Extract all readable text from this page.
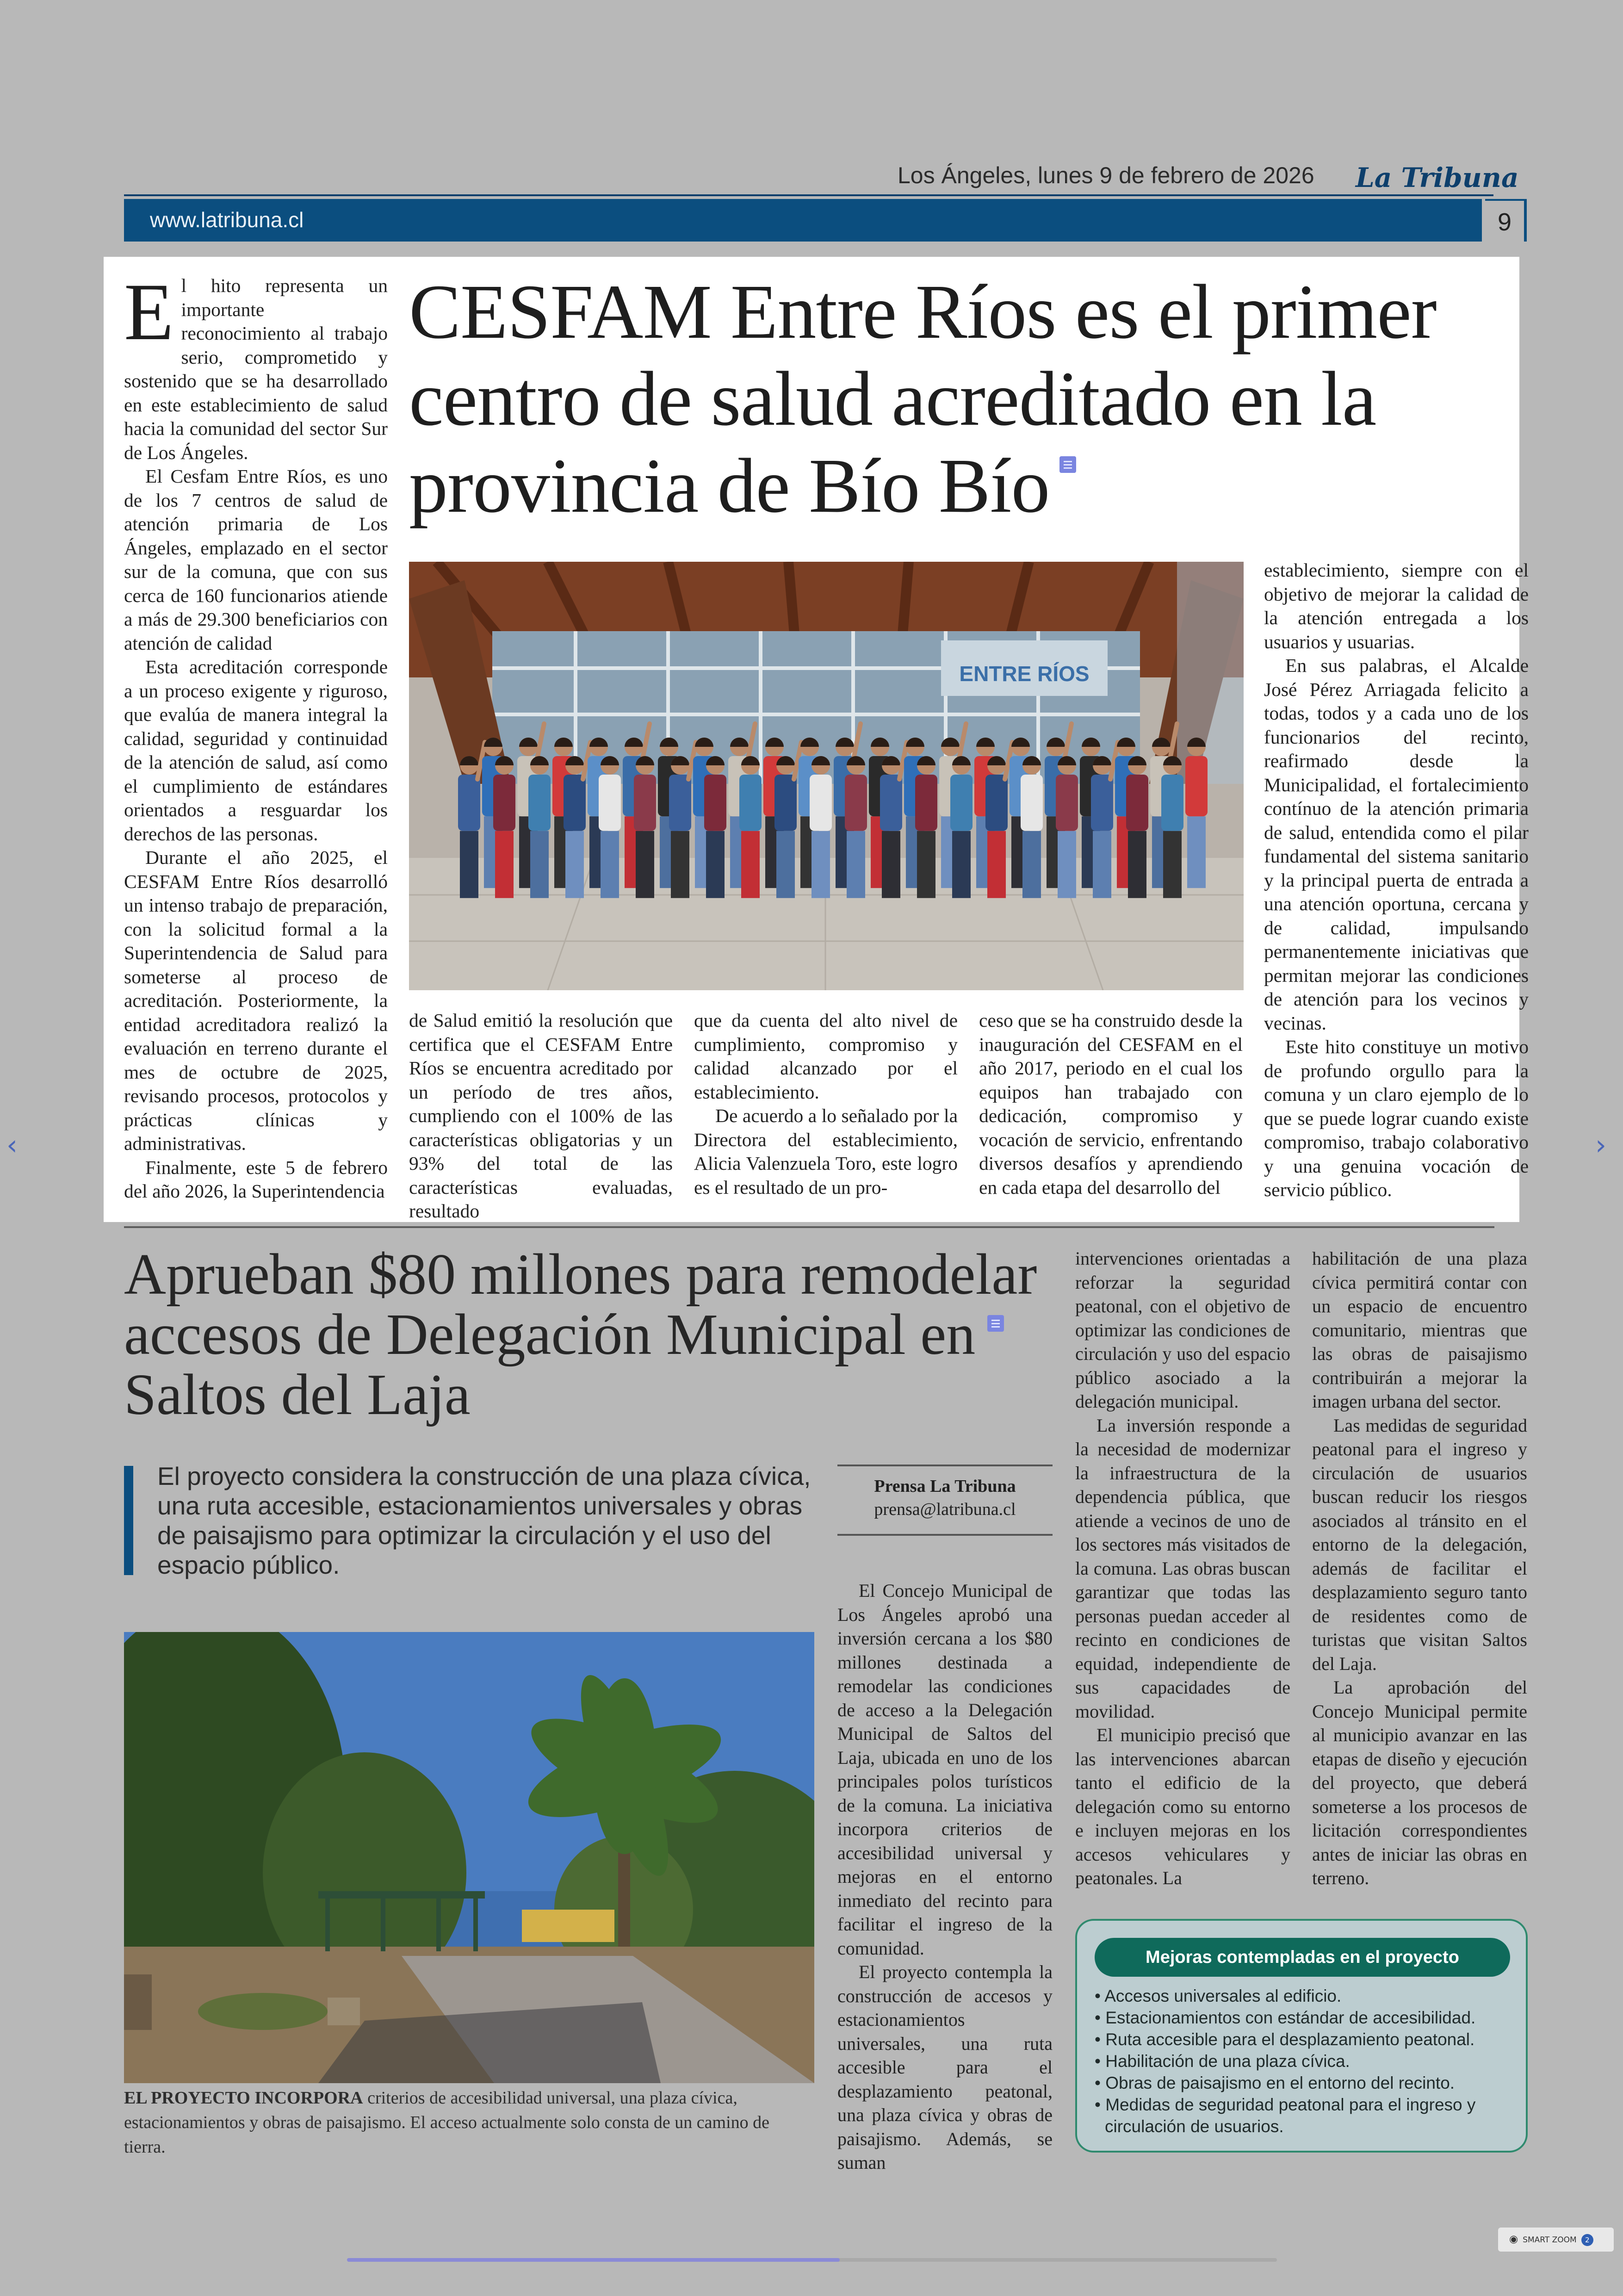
Los Ángeles, lunes 9 de febrero de 2026 La Tribuna
www.latribuna.cl	9
CESFAM Entre Ríos es el primer centro de salud acreditado en la provincia de Bío Bío

El hito representa un importante reconocimiento al trabajo serio, comprometido y sostenido que se ha desarrollado en este establecimiento de salud hacia la comunidad del sector Sur de Los Ángeles.

El Cesfam Entre Ríos, es uno de los 7 centros de salud de atención primaria de Los Ángeles, emplazado en el sector sur de la comuna, que con sus cerca de 160 funcionarios atiende a más de 29.300 beneficiarios con atención de calidad

Esta acreditación corresponde a un proceso exigente y riguroso, que evalúa de manera integral la calidad, seguridad y continuidad de la atención de salud, así como el cumplimiento de estándares orientados a resguardar los derechos de las personas.

Durante el año 2025, el CESFAM Entre Ríos desarrolló un intenso trabajo de preparación, con la solicitud formal a la Superintendencia de Salud para someterse al proceso de acreditación. Posteriormente, la entidad acreditadora realizó la evaluación en terreno durante el mes de octubre de 2025, revisando procesos, protocolos y prácticas clínicas y administrativas.

Finalmente, este 5 de febrero del año 2026, la Superintendencia

ENTRE RÍOS

de Salud emitió la resolución que certifica que el CESFAM Entre Ríos se encuentra acreditado por un período de tres años, cumpliendo con el 100% de las características obligatorias y un 93% del total de las características evaluadas, resultado

que da cuenta del alto nivel de cumplimiento, compromiso y calidad alcanzado por el establecimiento.

De acuerdo a lo señalado por la Directora del establecimiento, Alicia Valenzuela Toro, este logro es el resultado de un pro-

ceso que se ha construido desde la inauguración del CESFAM en el año 2017, periodo en el cual los equipos han trabajado con dedicación, compromiso y vocación de servicio, enfrentando diversos desafíos y aprendiendo en cada etapa del desarrollo del

establecimiento, siempre con el objetivo de mejorar la calidad de la atención entregada a los usuarios y usuarias.

En sus palabras, el Alcalde José Pérez Arriagada felicito a todas, todos y a cada uno de los funcionarios del recinto, reafirmado desde la Municipalidad, el fortalecimiento contínuo de la atención primaria de salud, entendida como el pilar fundamental del sistema sanitario y la principal puerta de entrada a una atención oportuna, cercana y de calidad, impulsando permanentemente iniciativas que permitan mejorar las condiciones de atención para los vecinos y vecinas.

Este hito constituye un motivo de profundo orgullo para la comuna y un claro ejemplo de lo que se puede lograr cuando existe compromiso, trabajo colaborativo y una genuina vocación de servicio público.

Aprueban $80 millones para remodelar accesos de Delegación Municipal en Saltos del Laja
El proyecto considera la construcción de una plaza cívica, una ruta accesible, estacionamientos universales y obras de paisajismo para optimizar la circulación y el uso del espacio público.
Prensa La Tribuna
prensa@latribuna.cl
EL PROYECTO INCORPORA criterios de accesibilidad universal, una plaza cívica, estacionamientos y obras de paisajismo. El acceso actualmente solo consta de un camino de tierra.

El Concejo Municipal de Los Ángeles aprobó una inversión cercana a los $80 millones destinada a remodelar las condiciones de acceso a la Delegación Municipal de Saltos del Laja, ubicada en uno de los principales polos turísticos de la comuna. La iniciativa incorpora criterios de accesibilidad universal y mejoras en el entorno inmediato del recinto para facilitar el ingreso de la comunidad.

El proyecto contempla la construcción de accesos y estacionamientos universales, una ruta accesible para el desplazamiento peatonal, una plaza cívica y obras de paisajismo. Además, se suman

intervenciones orientadas a reforzar la seguridad peatonal, con el objetivo de optimizar las condiciones de circulación y uso del espacio público asociado a la delegación municipal.

La inversión responde a la necesidad de modernizar la infraestructura de la dependencia pública, que atiende a vecinos de uno de los sectores más visitados de la comuna. Las obras buscan garantizar que todas las personas puedan acceder al recinto en condiciones de equidad, independiente de sus capacidades de movilidad.

El municipio precisó que las intervenciones abarcan tanto el edificio de la delegación como su entorno e incluyen mejoras en los accesos vehiculares y peatonales. La

habilitación de una plaza cívica permitirá contar con un espacio de encuentro comunitario, mientras que las obras de paisajismo contribuirán a mejorar la imagen urbana del sector.

Las medidas de seguridad peatonal para el ingreso y circulación de usuarios buscan reducir los riesgos asociados al tránsito en el entorno de la delegación, además de facilitar el desplazamiento seguro tanto de residentes como de turistas que visitan Saltos del Laja.

La aprobación del Concejo Municipal permite al municipio avanzar en las etapas de diseño y ejecución del proyecto, que deberá someterse a los procesos de licitación correspondientes antes de iniciar las obras en terreno.

Mejoras contempladas en el proyecto
• Accesos universales al edificio.
• Estacionamientos con estándar de accesibilidad.
• Ruta accesible para el desplazamiento peatonal.
• Habilitación de una plaza cívica.
• Obras de paisajismo en el entorno del recinto.
• Medidas de seguridad peatonal para el ingreso y circulación de usuarios.
‹	›
◉ SMART ZOOM 2
